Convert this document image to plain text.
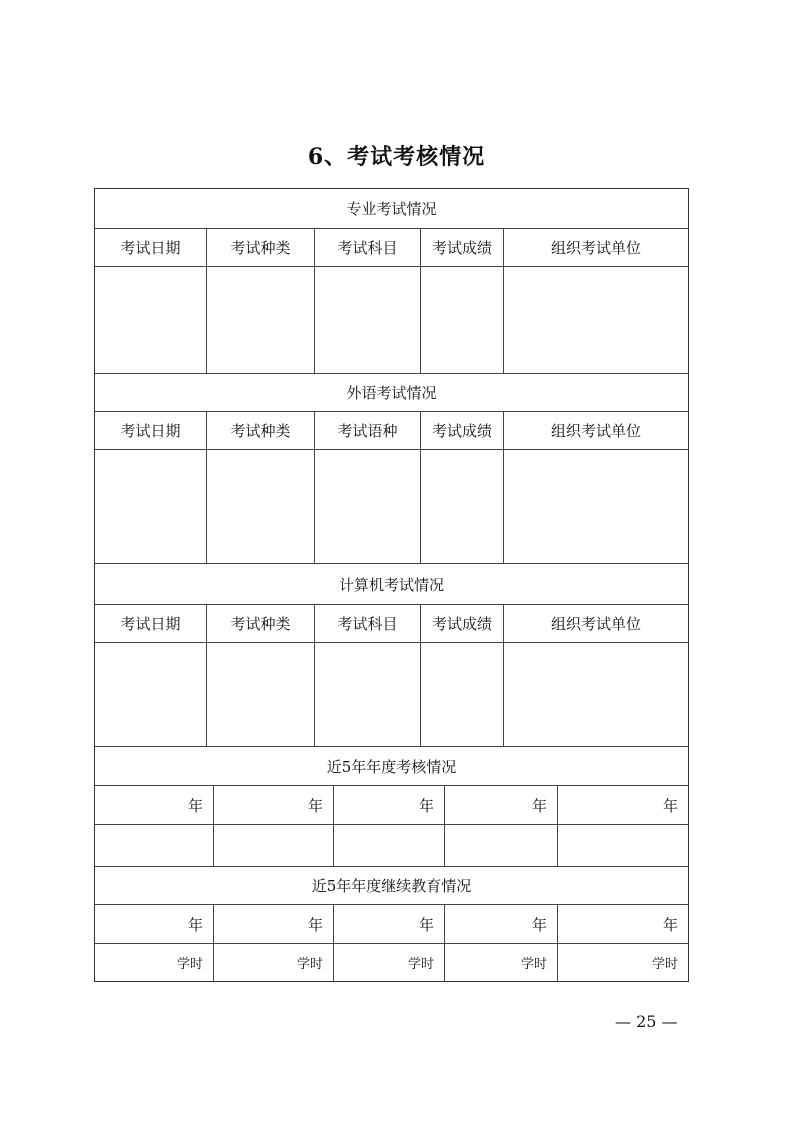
6、考试考核情况
专业考试情况
考试日期	考试种类	考试科目	考试成绩	组织考试单位
外语考试情况
考试日期	考试种类	考试语种	考试成绩	组织考试单位
计算机考试情况
考试日期	考试种类	考试科目	考试成绩	组织考试单位
近5年年度考核情况
年	年	年	年	年
近5年年度继续教育情况
年	年	年	年	年
学时	学时	学时	学时	学时
— 25 —
